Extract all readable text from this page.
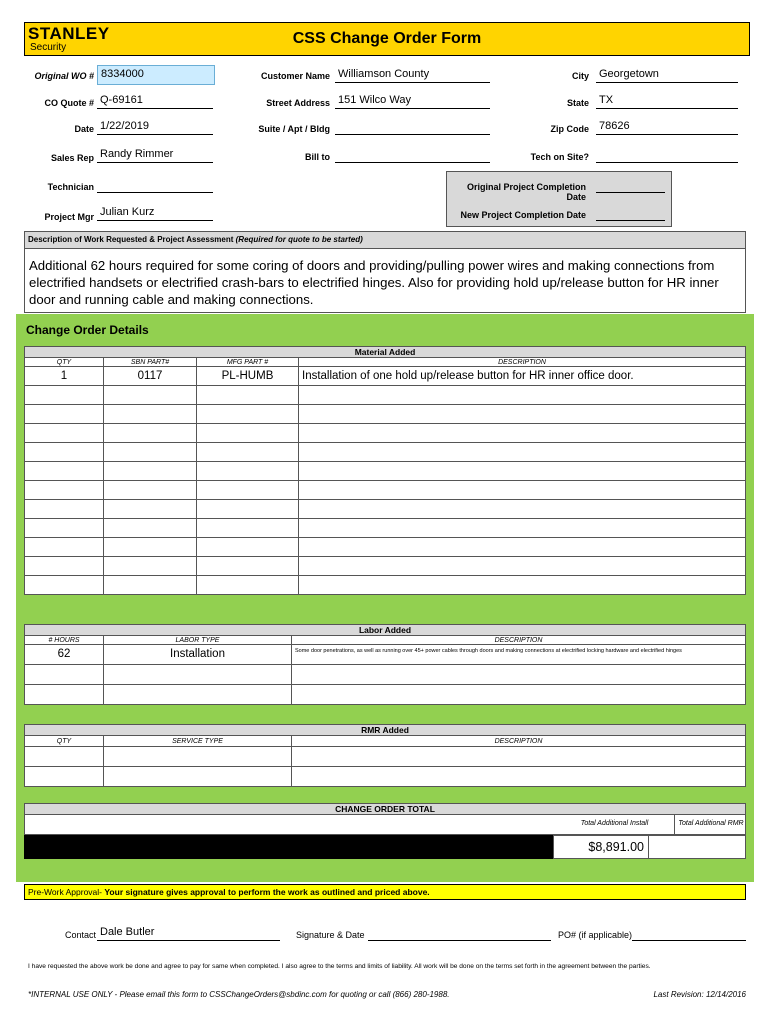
STANLEY
Security
CSS Change Order Form
Original WO # 8334000
CO Quote # Q-69161
Date 1/22/2019
Sales Rep Randy Rimmer
Technician
Project Mgr Julian Kurz
Customer Name Williamson County
Street Address 151 Wilco Way
Suite / Apt / Bldg
Bill to
City Georgetown
State TX
Zip Code 78626
Tech on Site?
Original Project Completion Date
New Project Completion Date
Description of Work Requested & Project Assessment (Required for quote to be started)
Additional 62 hours required for some coring of doors and providing/pulling power wires and making connections from electrified handsets or electrified crash-bars to electrified hinges. Also for providing hold up/release button for HR inner door and running cable and making connections.
Change Order Details
Material Added
QTY	SBN PART#	MFG PART #	DESCRIPTION
1	0117	PL-HUMB	Installation of one hold up/release button for HR inner office door.

Labor Added
# HOURS	LABOR TYPE	DESCRIPTION
62	Installation	Some door penetrations, as well as running over 45+ power cables through doors and making connections at electrified locking hardware and electrified hinges

RMR Added
QTY	SERVICE TYPE	DESCRIPTION

CHANGE ORDER TOTAL
Total Additional Install	Total Additional RMR
$8,891.00
Pre-Work Approval- Your signature gives approval to perform the work as outlined and priced above.
Contact Dale Butler	Signature & Date	PO# (if applicable)
I have requested the above work be done and agree to pay for same when completed. I also agree to the terms and limits of liability. All work will be done on the terms set forth in the agreement between the parties.
*INTERNAL USE ONLY - Please email this form to CSSChangeOrders@sbdinc.com for quoting or call (866) 280-1988.	Last Revision: 12/14/2016
